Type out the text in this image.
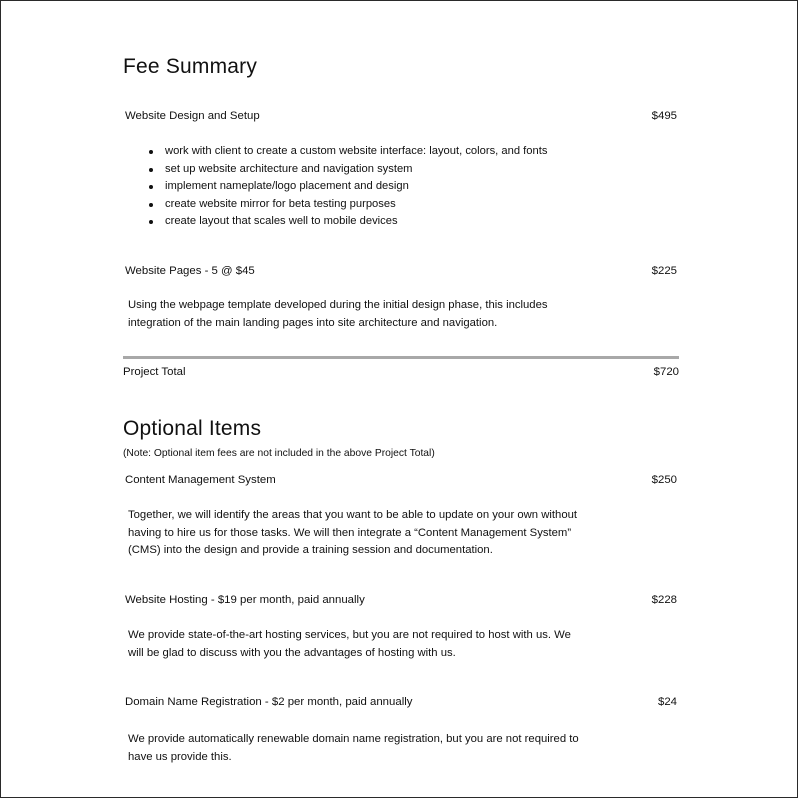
Fee Summary
Website Design and Setup	$495
work with client to create a custom website interface: layout, colors, and fonts
set up website architecture and navigation system
implement nameplate/logo placement and design
create website mirror for beta testing purposes
create layout that scales well to mobile devices
Website Pages - 5 @ $45	$225
Using the webpage template developed during the initial design phase, this includes
integration of the main landing pages into site architecture and navigation.
Project Total	$720
Optional Items
(Note: Optional item fees are not included in the above Project Total)
Content Management System	$250
Together, we will identify the areas that you want to be able to update on your own without
having to hire us for those tasks. We will then integrate a “Content Management System”
(CMS) into the design and provide a training session and documentation.
Website Hosting - $19 per month, paid annually	$228
We provide state-of-the-art hosting services, but you are not required to host with us. We
will be glad to discuss with you the advantages of hosting with us.
Domain Name Registration - $2 per month, paid annually	$24
We provide automatically renewable domain name registration, but you are not required to
have us provide this.
